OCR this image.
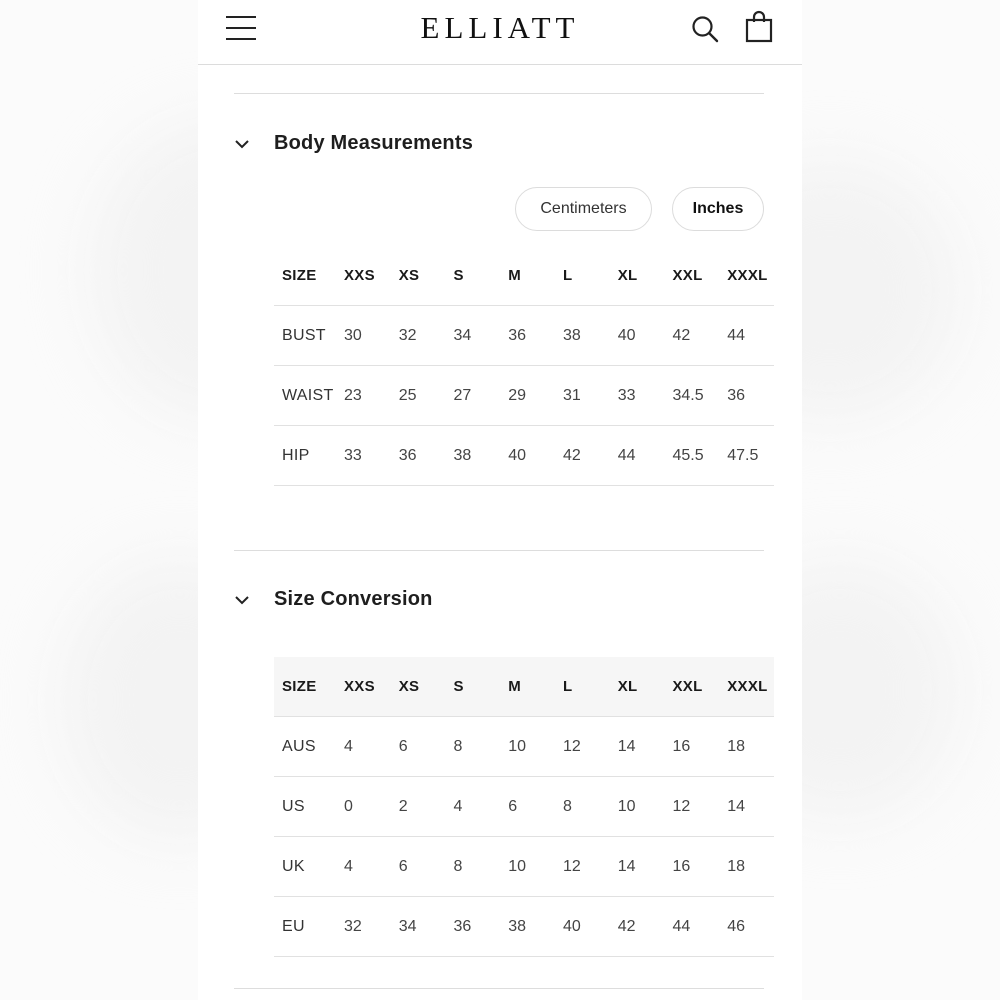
ELLIATT
Body Measurements
Centimeters	Inches
SIZE	XXS	XS	S	M	L	XL	XXL	XXXL
BUST	30	32	34	36	38	40	42	44
WAIST	23	25	27	29	31	33	34.5	36
HIP	33	36	38	40	42	44	45.5	47.5
Size Conversion
SIZE	XXS	XS	S	M	L	XL	XXL	XXXL
AUS	4	6	8	10	12	14	16	18
US	0	2	4	6	8	10	12	14
UK	4	6	8	10	12	14	16	18
EU	32	34	36	38	40	42	44	46
